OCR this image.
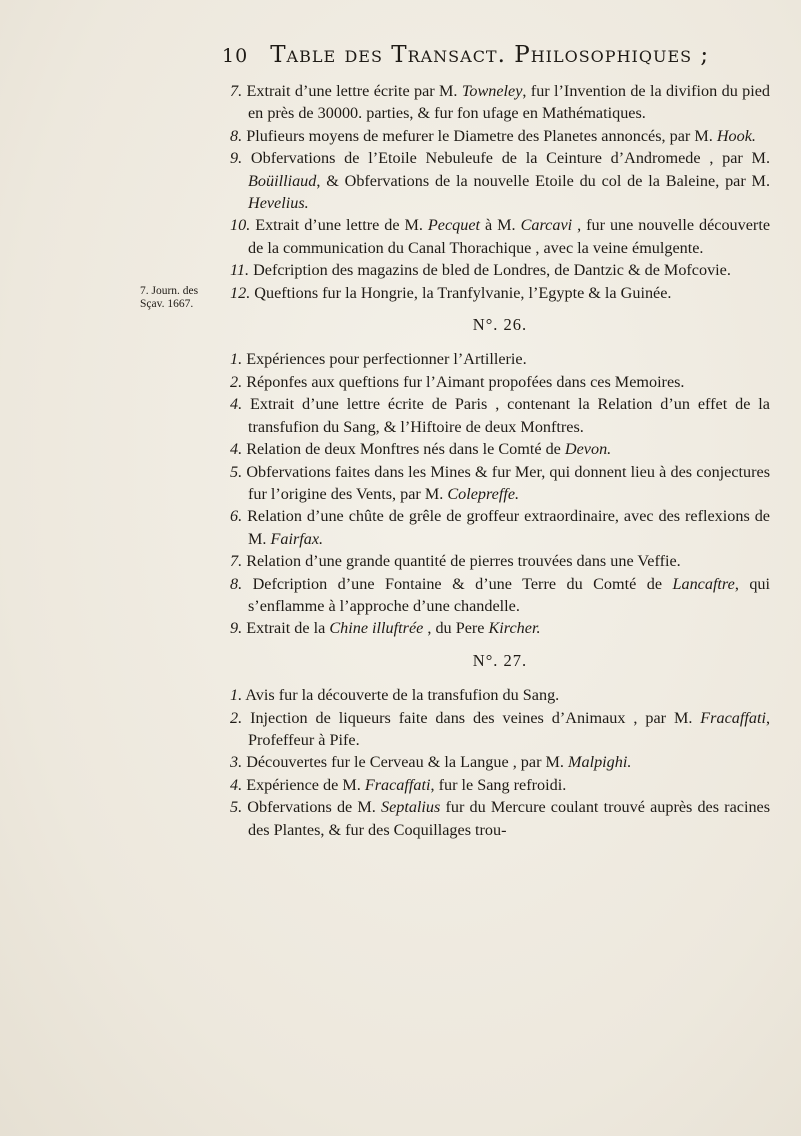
10 Table des Transact. Philosophiques ;
7. Journ. des
Sçav. 1667.

7. Extrait d’une lettre écrite par M. Towneley, fur l’Invention de la divifion du pied en près de 30000. parties, & fur fon ufage en Mathématiques.

8. Plufieurs moyens de mefurer le Diametre des Planetes annoncés, par M. Hook.

9. Obfervations de l’Etoile Nebuleufe de la Ceinture d’Andromede , par M. Boüilliaud, & Obfervations de la nouvelle Etoile du col de la Baleine, par M. Hevelius.

10. Extrait d’une lettre de M. Pecquet à M. Carcavi , fur une nouvelle découverte de la communication du Canal Thorachique , avec la veine émulgente.

11. Defcription des magazins de bled de Londres, de Dantzic & de Mofcovie.

12. Queftions fur la Hongrie, la Tranfylvanie, l’Egypte & la Guinée.

N°. 26.

1. Expériences pour perfectionner l’Artillerie.

2. Réponfes aux queftions fur l’Aimant propofées dans ces Memoires.

4. Extrait d’une lettre écrite de Paris , contenant la Relation d’un effet de la transfufion du Sang, & l’Hiftoire de deux Monftres.

4. Relation de deux Monftres nés dans le Comté de Devon.

5. Obfervations faites dans les Mines & fur Mer, qui donnent lieu à des conjectures fur l’origine des Vents, par M. Colepreffe.

6. Relation d’une chûte de grêle de groffeur extraordinaire, avec des reflexions de M. Fairfax.

7. Relation d’une grande quantité de pierres trouvées dans une Veffie.

8. Defcription d’une Fontaine & d’une Terre du Comté de Lancaftre, qui s’enflamme à l’approche d’une chandelle.

9. Extrait de la Chine illuftrée , du Pere Kircher.

N°. 27.

1. Avis fur la découverte de la transfufion du Sang.

2. Injection de liqueurs faite dans des veines d’Animaux , par M. Fracaffati, Profeffeur à Pife.

3. Découvertes fur le Cerveau & la Langue , par M. Malpighi.

4. Expérience de M. Fracaffati, fur le Sang refroidi.

5. Obfervations de M. Septalius fur du Mercure coulant trouvé auprès des racines des Plantes, & fur des Coquillages trou-
